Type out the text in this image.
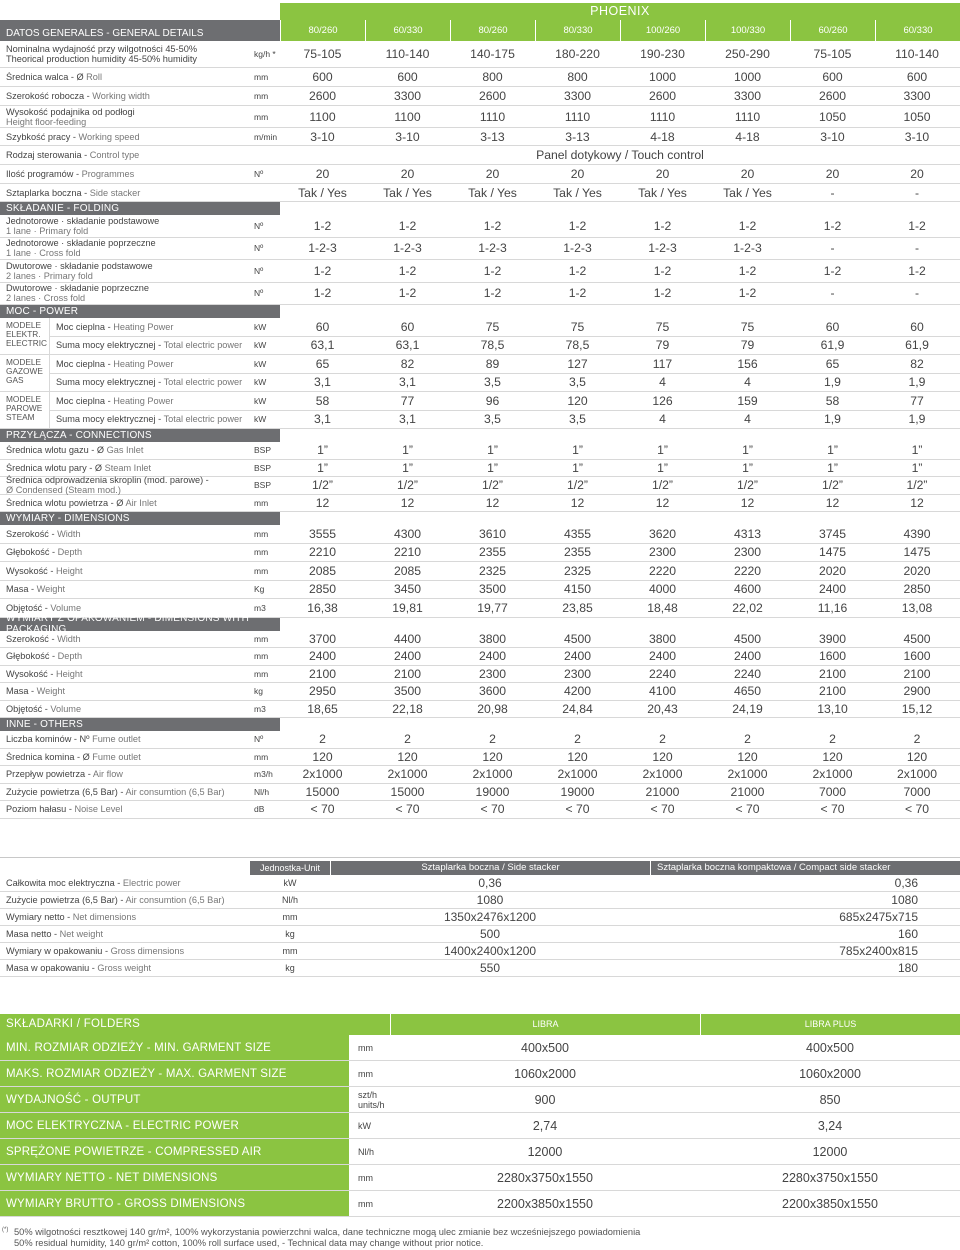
PHOENIX
DATOS GENERALES - GENERAL DETAILS	80/260	60/330	80/260	80/330	100/260	100/330	60/260	60/330
Nominalna wydajność przy wilgotności 45-50%
Theorical production humidity 45-50% humidity	kg/h *	75-105	110-140	140-175	180-220	190-230	250-290	75-105	110-140
Średnica walca - Ø Roll	mm	600	600	800	800	1000	1000	600	600
Szerokość robocza - Working width	mm	2600	3300	2600	3300	2600	3300	2600	3300
Wysokość podajnika od podłogi
Height floor-feeding	mm	1100	1100	1110	1110	1110	1110	1050	1050
Szybkość pracy - Working speed	m/min	3-10	3-10	3-13	3-13	4-18	4-18	3-10	3-10
Rodzaj sterowania - Control type	Panel dotykowy / Touch control
Ilość programów - Programmes	Nº	20	20	20	20	20	20	20	20
Sztaplarka boczna - Side stacker	Tak / Yes	Tak / Yes	Tak / Yes	Tak / Yes	Tak / Yes	Tak / Yes	-	-
SKŁADANIE - FOLDING
Jednotorowe · składanie podstawowe
1 lane · Primary fold	Nº	1-2	1-2	1-2	1-2	1-2	1-2	1-2	1-2
Jednotorowe · składanie poprzeczne
1 lane · Cross fold	Nº	1-2-3	1-2-3	1-2-3	1-2-3	1-2-3	1-2-3	-	-
Dwutorowe · składanie podstawowe
2 lanes · Primary fold	Nº	1-2	1-2	1-2	1-2	1-2	1-2	1-2	1-2
Dwutorowe · składanie poprzeczne
2 lanes · Cross fold	Nº	1-2	1-2	1-2	1-2	1-2	1-2	-	-
MOC - POWER
MODELE
ELEKTR.
ELECTRIC
Moc cieplna - Heating Power	kW	60	60	75	75	75	75	60	60
Suma mocy elektrycznej - Total electric power	kW	63,1	63,1	78,5	78,5	79	79	61,9	61,9
MODELE
GAZOWE
GAS
Moc cieplna - Heating Power	kW	65	82	89	127	117	156	65	82
Suma mocy elektrycznej - Total electric power	kW	3,1	3,1	3,5	3,5	4	4	1,9	1,9
MODELE
PAROWE
STEAM
Moc cieplna - Heating Power	kW	58	77	96	120	126	159	58	77
Suma mocy elektrycznej - Total electric power	kW	3,1	3,1	3,5	3,5	4	4	1,9	1,9
PRZYŁĄCZA - CONNECTIONS
Średnica wlotu gazu - Ø Gas Inlet	BSP	1”	1”	1”	1”	1”	1”	1”	1”
Średnica wlotu pary - Ø Steam Inlet	BSP	1”	1”	1”	1”	1”	1”	1”	1”
Średnica odprowadzenia skroplin (mod. parowe) -
Ø Condensed (Steam mod.)	BSP	1/2”	1/2”	1/2”	1/2”	1/2”	1/2”	1/2”	1/2”
Średnica wlotu powietrza - Ø Air Inlet	mm	12	12	12	12	12	12	12	12
WYMIARY - DIMENSIONS
Szerokość - Width	mm	3555	4300	3610	4355	3620	4313	3745	4390
Głębokość - Depth	mm	2210	2210	2355	2355	2300	2300	1475	1475
Wysokość - Height	mm	2085	2085	2325	2325	2220	2220	2020	2020
Masa - Weight	Kg	2850	3450	3500	4150	4000	4600	2400	2850
Objętość - Volume	m3	16,38	19,81	19,77	23,85	18,48	22,02	11,16	13,08
WYMIARY Z OPAKOWANIEM - DIMENSIONS WITH PACKAGING
Szerokość - Width	mm	3700	4400	3800	4500	3800	4500	3900	4500
Głębokość - Depth	mm	2400	2400	2400	2400	2400	2400	1600	1600
Wysokość - Height	mm	2100	2100	2300	2300	2240	2240	2100	2100
Masa - Weight	kg	2950	3500	3600	4200	4100	4650	2100	2900
Objętość - Volume	m3	18,65	22,18	20,98	24,84	20,43	24,19	13,10	15,12
INNE - OTHERS
Liczba kominów - Nº Fume outlet	Nº	2	2	2	2	2	2	2	2
Średnica komina - Ø Fume outlet	mm	120	120	120	120	120	120	120	120
Przepływ powietrza - Air flow	m3/h	2x1000	2x1000	2x1000	2x1000	2x1000	2x1000	2x1000	2x1000
Zużycie powietrza (6,5 Bar) - Air consumtion (6,5 Bar)	Nl/h	15000	15000	19000	19000	21000	21000	7000	7000
Poziom hałasu - Noise Level	dB	< 70	< 70	< 70	< 70	< 70	< 70	< 70	< 70
Jednostka-Unit	Sztaplarka boczna / Side stacker	Sztaplarka boczna kompaktowa / Compact side stacker
Całkowita moc elektryczna - Electric power	kW	0,36	0,36
Zużycie powietrza (6,5 Bar) - Air consumtion (6,5 Bar)	Nl/h	1080	1080
Wymiary netto - Net dimensions	mm	1350x2476x1200	685x2475x715
Masa netto - Net weight	kg	500	160
Wymiary w opakowaniu - Gross dimensions	mm	1400x2400x1200	785x2400x815
Masa w opakowaniu - Gross weight	kg	550	180
SKŁADARKI / FOLDERS	LIBRA	LIBRA PLUS
MIN. ROZMIAR ODZIEŻY - MIN. GARMENT SIZE	mm	400x500	400x500
MAKS. ROZMIAR ODZIEŻY - MAX. GARMENT SIZE	mm	1060x2000	1060x2000
WYDAJNOŚĆ - OUTPUT	szt/h units/h	900	850
MOC ELEKTRYCZNA - ELECTRIC POWER	kW	2,74	3,24
SPRĘŻONE POWIETRZE - COMPRESSED AIR	Nl/h	12000	12000
WYMIARY NETTO - NET DIMENSIONS	mm	2280x3750x1550	2280x3750x1550
WYMIARY BRUTTO - GROSS DIMENSIONS	mm	2200x3850x1550	2200x3850x1550
(*) 50% wilgotności resztkowej 140 gr/m², 100% wykorzystania powierzchni walca, dane techniczne mogą ulec zmianie bez wcześniejszego powiadomienia
50% residual humidity, 140 gr/m² cotton, 100% roll surface used, - Technical data may change without prior notice.
